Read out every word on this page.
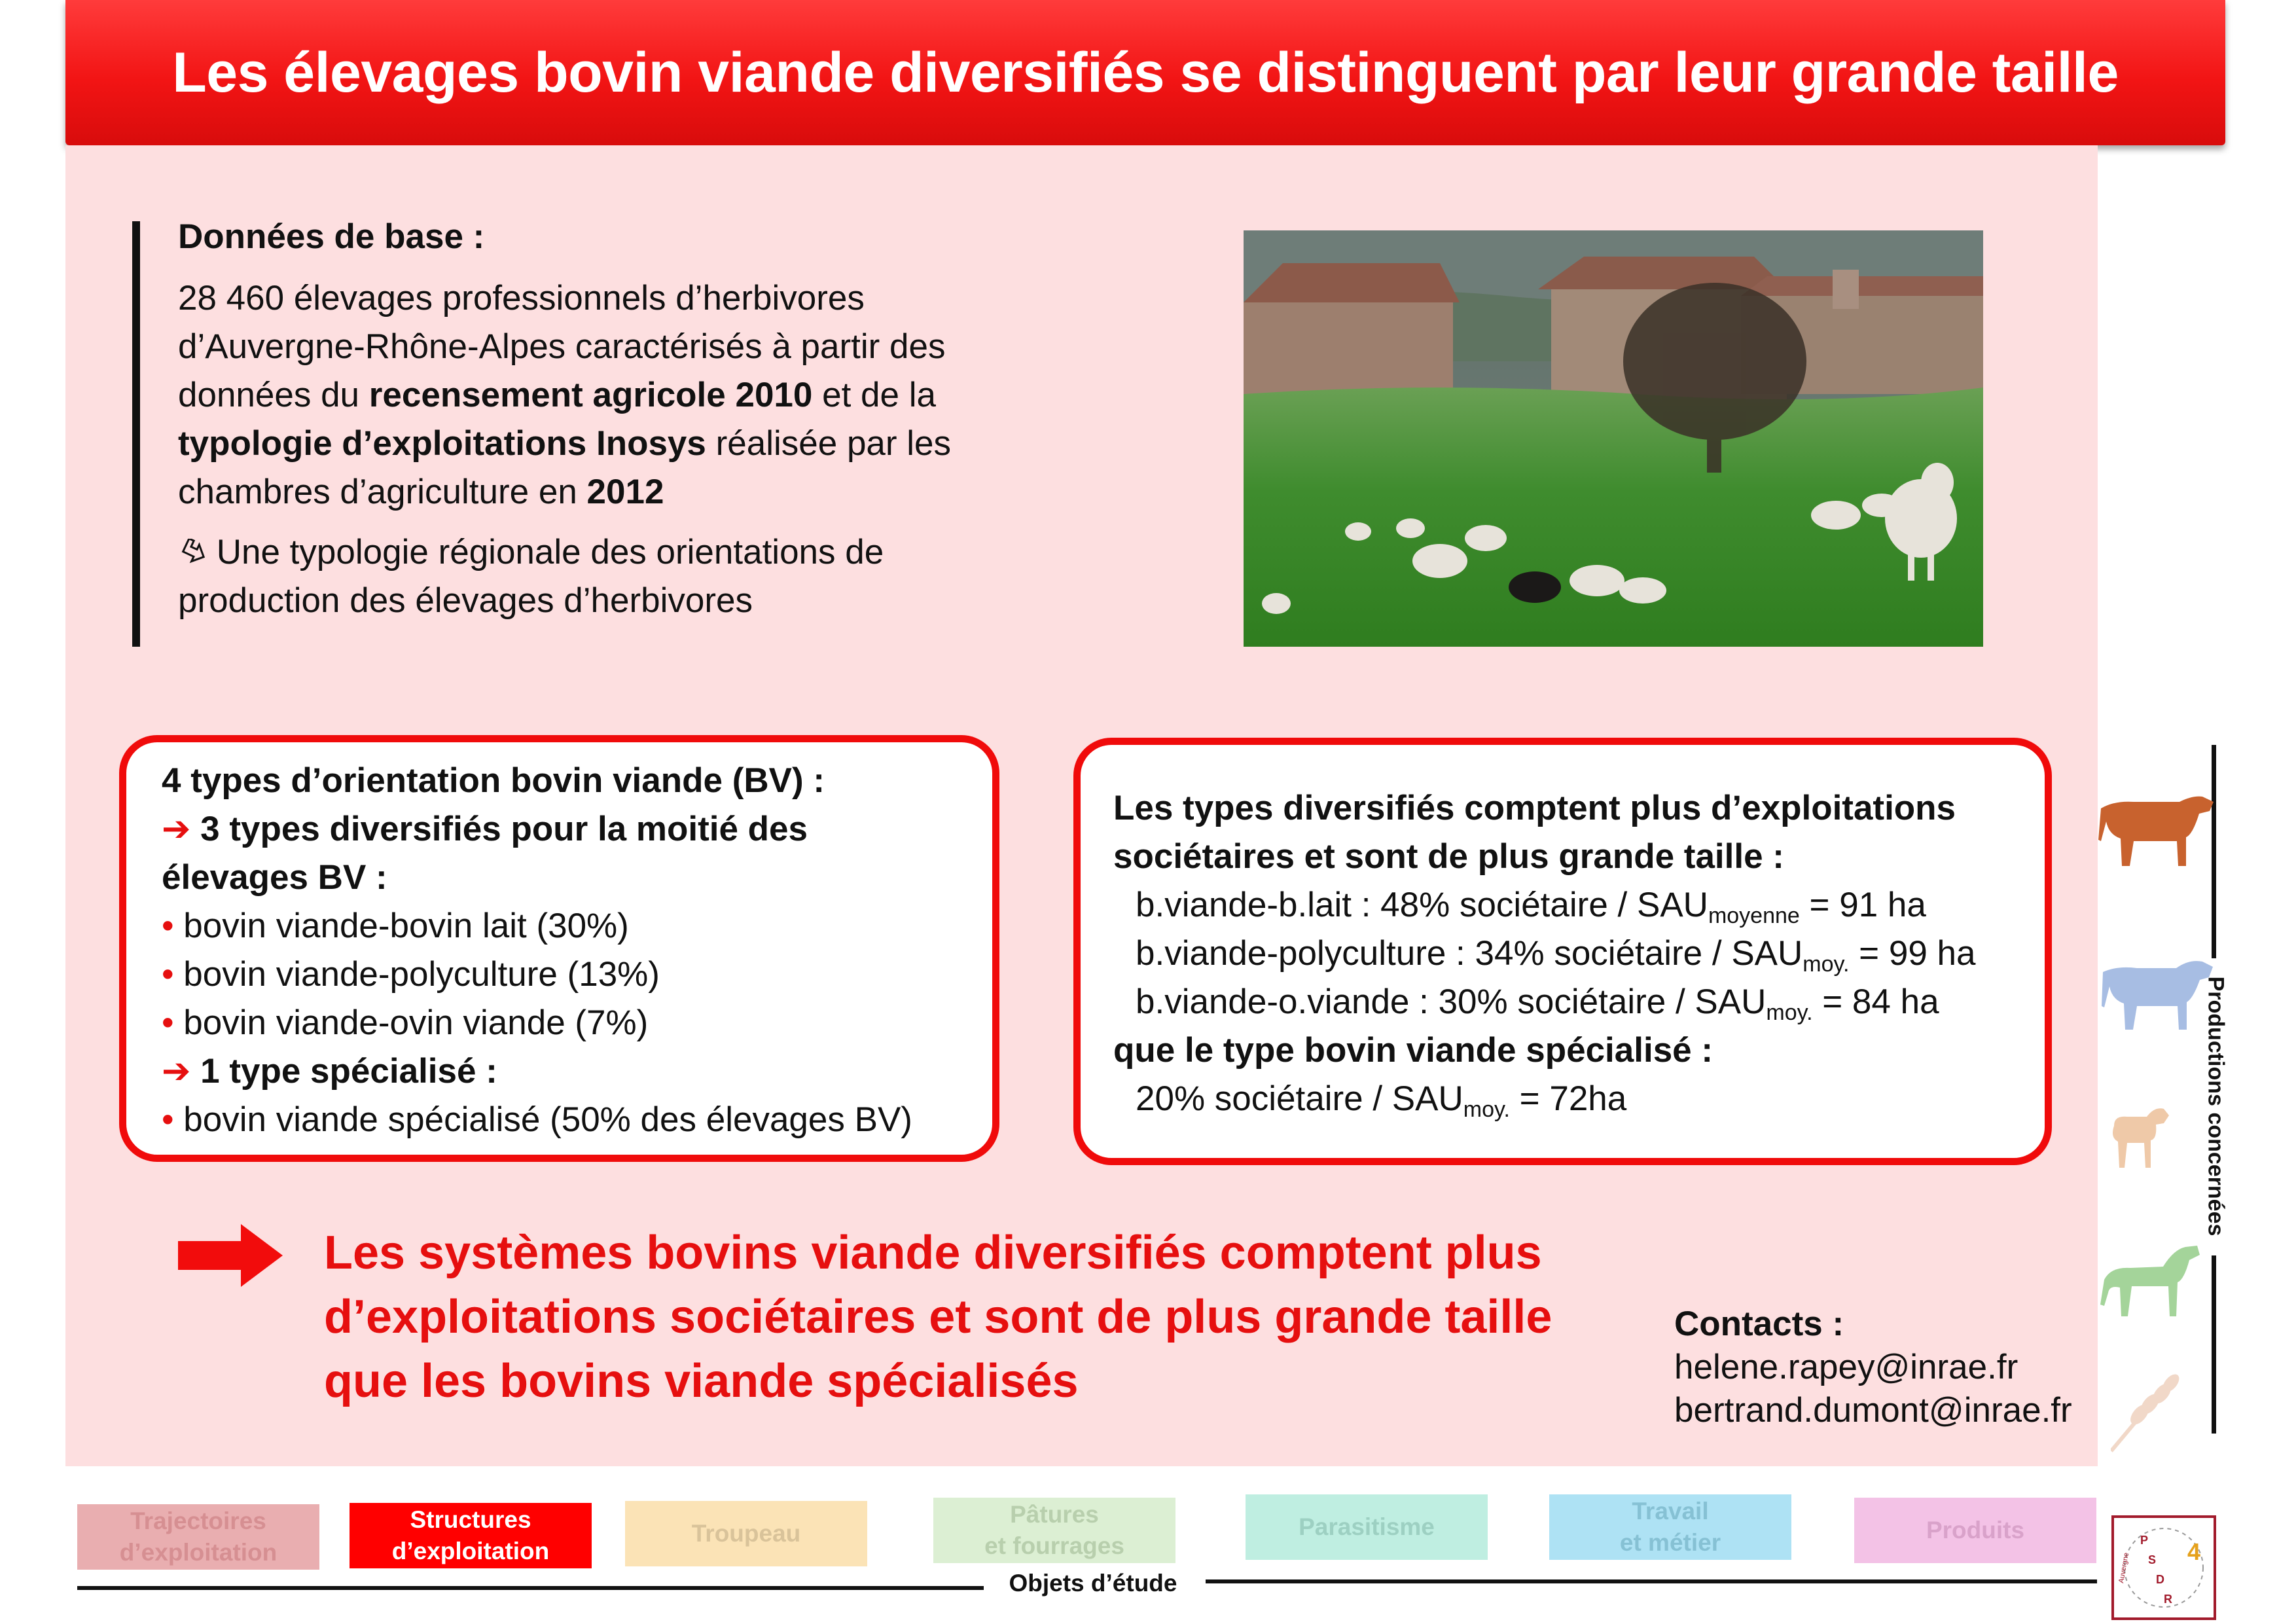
Les élevages bovin viande diversifiés se distinguent par leur grande taille

Données de base :

28 460 élevages professionnels d’herbivores

d’Auvergne-Rhône-Alpes caractérisés à partir des

données du recensement agricole 2010 et de la

typologie d’exploitations Inosys réalisée par les

chambres d’agriculture en 2012

Une typologie régionale des orientations de

production des élevages d’herbivores

4 types d’orientation bovin viande (BV) :

➔ 3 types diversifiés pour la moitié des

élevages BV :

• bovin viande-bovin lait (30%)

• bovin viande-polyculture (13%)

• bovin viande-ovin viande (7%)

➔ 1 type spécialisé :

• bovin viande spécialisé (50% des élevages BV)

Les types diversifiés comptent plus d’exploitations

sociétaires et sont de plus grande taille :

b.viande-b.lait : 48% sociétaire / $SAU_{moyenne} = 91$ ha

b.viande-polyculture : 34% sociétaire / $SAU_{moy.} = 99$ ha

b.viande-o.viande : 30% sociétaire / $SAU_{moy.} = 84$ ha

que le type bovin viande spécialisé :

20% sociétaire / $SAU_{moy.} = 72ha$

Les systèmes bovins viande diversifiés comptent plus

d’exploitations sociétaires et sont de plus grande taille

que les bovins viande spécialisés

Contacts :

helene.rapey@inrae.fr

bertrand.dumont@inrae.fr

Productions concernées
Trajectoires
d’exploitation
Structures
d’exploitation
Troupeau
Pâtures
et fourrages
Parasitisme
Travail
et métier	Produits
Objets d’étude	Auvergne
P
S
D
R
4
